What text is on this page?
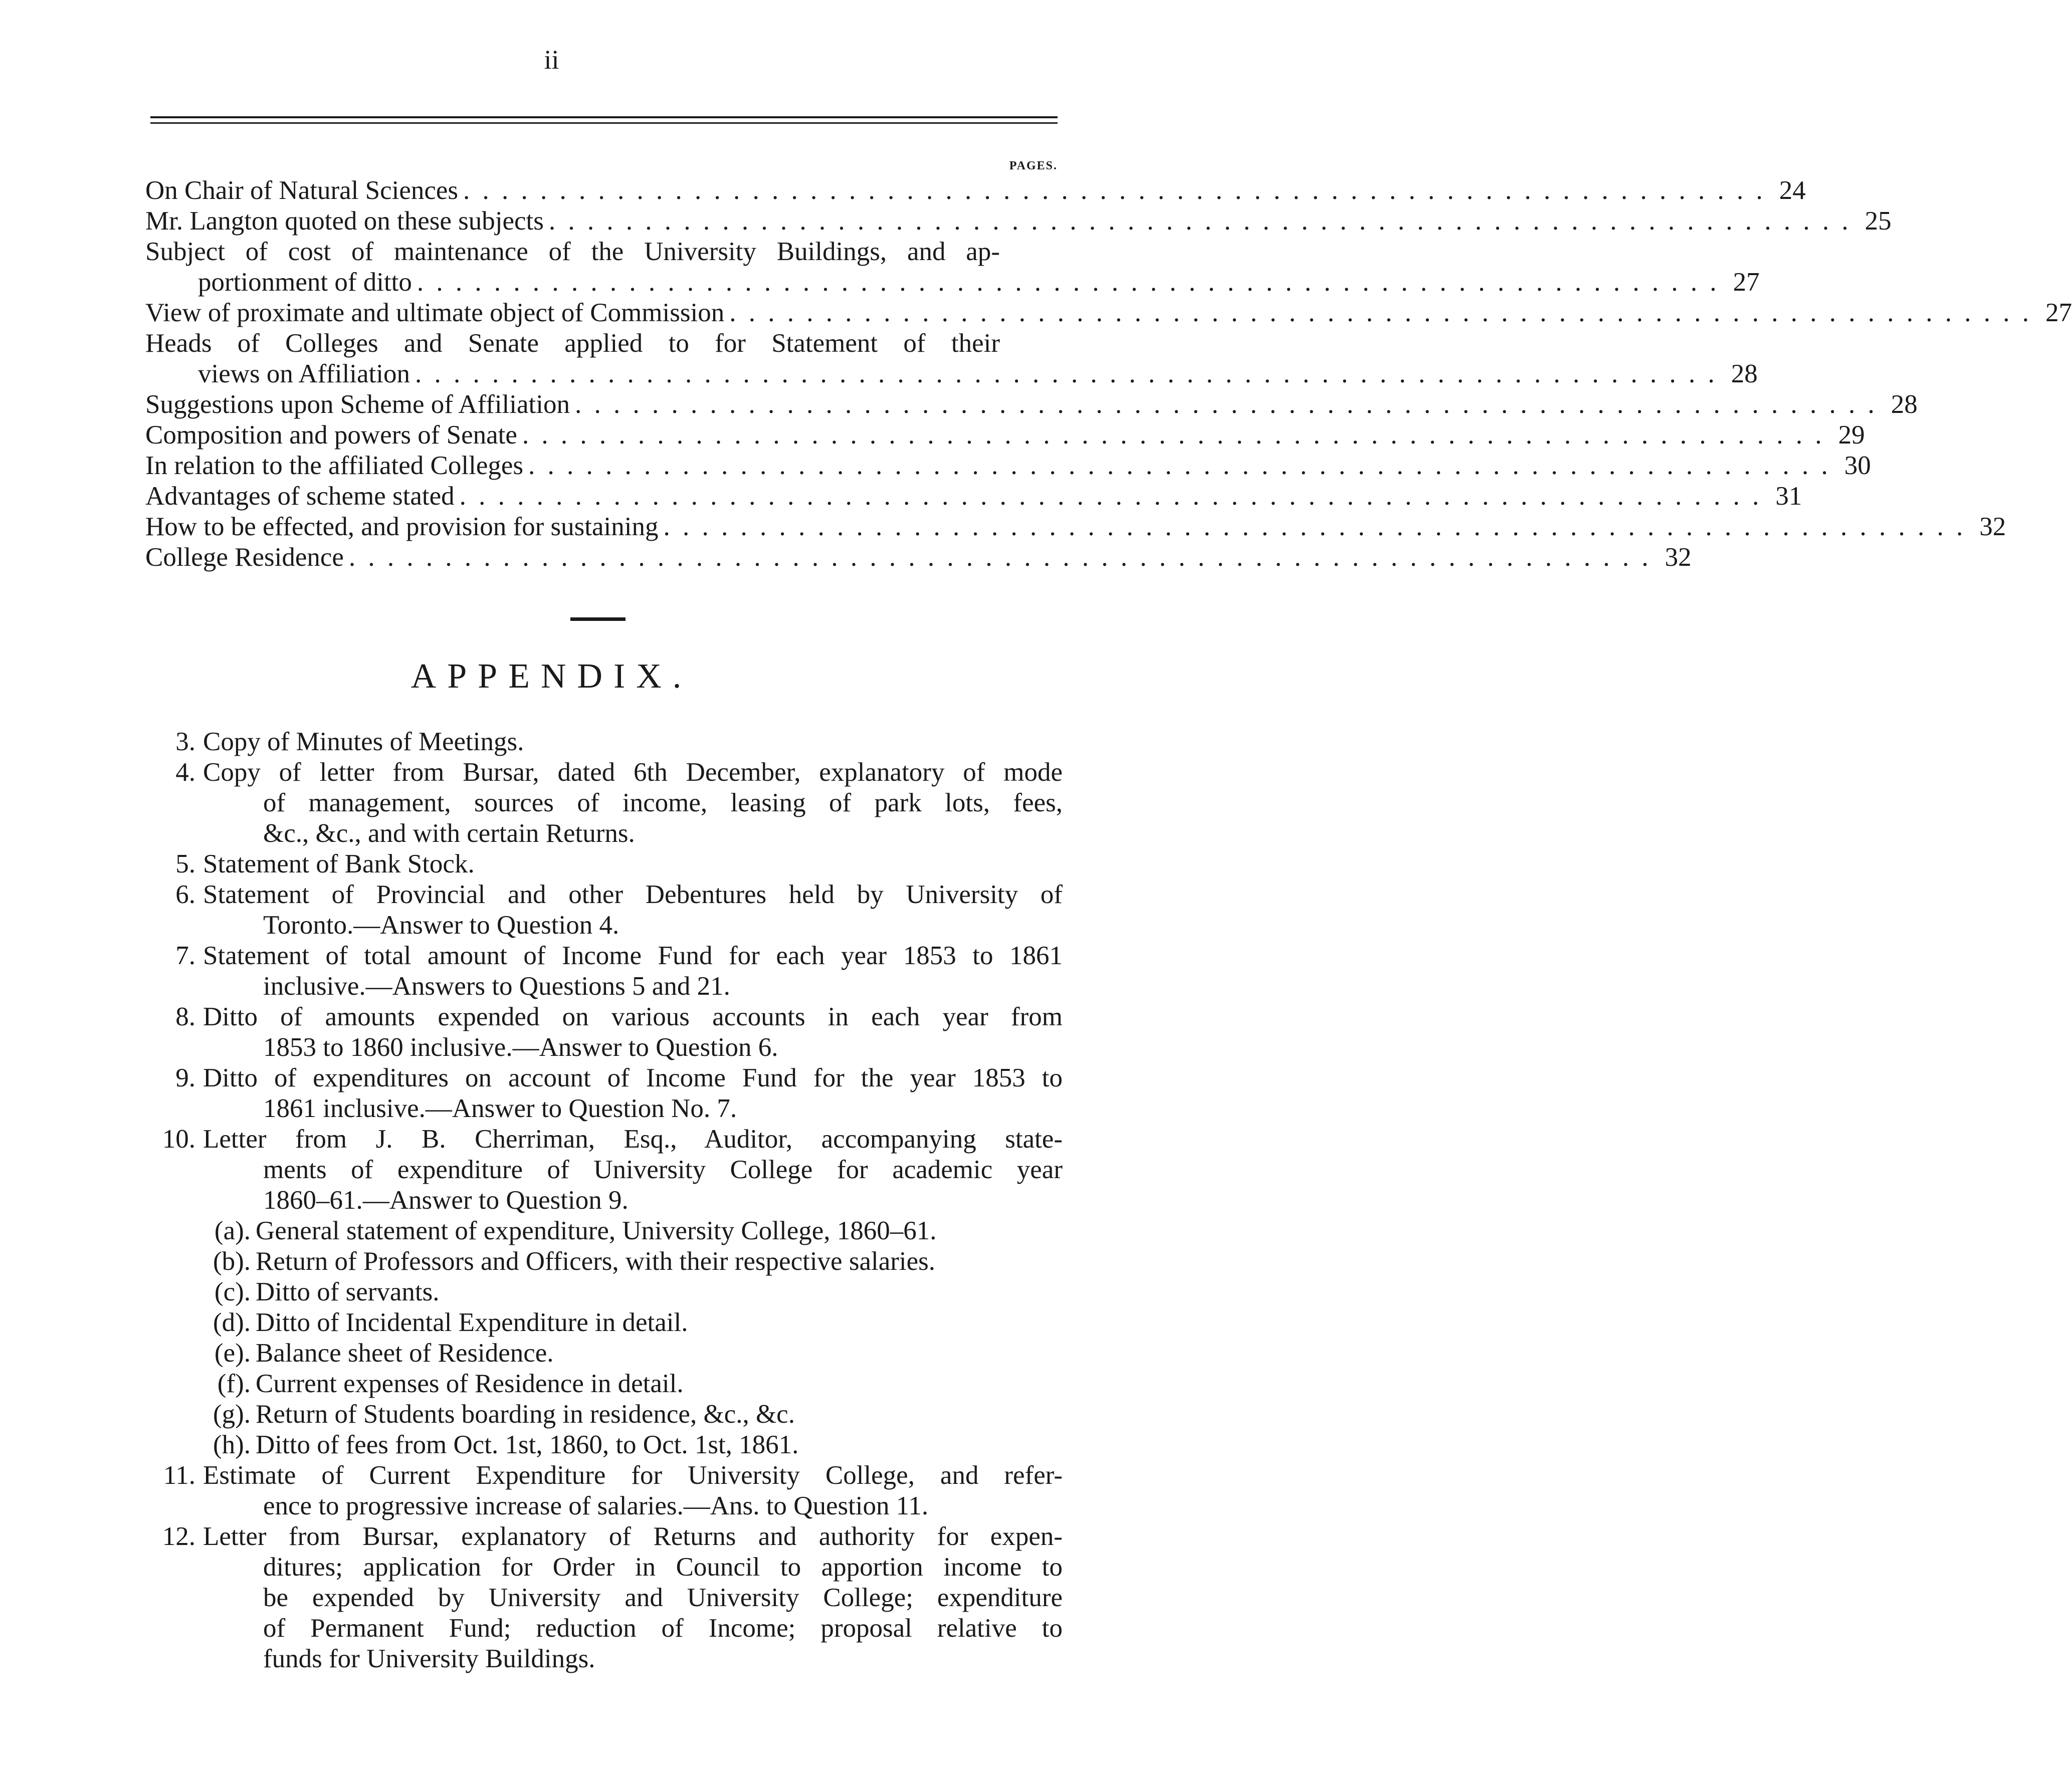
ii
PAGES.
On Chair of Natural Sciences . . . . . . . . . . . . . . . . . . . . . . . . . . . . . . . . . . . . . . . . . . . . . . . . . . . . . . . . . . . . . . . . . . . . 24
Mr. Langton quoted on these subjects . . . . . . . . . . . . . . . . . . . . . . . . . . . . . . . . . . . . . . . . . . . . . . . . . . . . . . . . . . . . . . . . . . . . 25
Subject of cost of maintenance of the University Buildings, and ap-
portionment of ditto . . . . . . . . . . . . . . . . . . . . . . . . . . . . . . . . . . . . . . . . . . . . . . . . . . . . . . . . . . . . . . . . . . . . 27
View of proximate and ultimate object of Commission . . . . . . . . . . . . . . . . . . . . . . . . . . . . . . . . . . . . . . . . . . . . . . . . . . . . . . . . . . . . . . . . . . . . 27
Heads of Colleges and Senate applied to for Statement of their
views on Affiliation . . . . . . . . . . . . . . . . . . . . . . . . . . . . . . . . . . . . . . . . . . . . . . . . . . . . . . . . . . . . . . . . . . . . 28
Suggestions upon Scheme of Affiliation . . . . . . . . . . . . . . . . . . . . . . . . . . . . . . . . . . . . . . . . . . . . . . . . . . . . . . . . . . . . . . . . . . . . 28
Composition and powers of Senate . . . . . . . . . . . . . . . . . . . . . . . . . . . . . . . . . . . . . . . . . . . . . . . . . . . . . . . . . . . . . . . . . . . . 29
In relation to the affiliated Colleges . . . . . . . . . . . . . . . . . . . . . . . . . . . . . . . . . . . . . . . . . . . . . . . . . . . . . . . . . . . . . . . . . . . . 30
Advantages of scheme stated . . . . . . . . . . . . . . . . . . . . . . . . . . . . . . . . . . . . . . . . . . . . . . . . . . . . . . . . . . . . . . . . . . . . 31
How to be effected, and provision for sustaining . . . . . . . . . . . . . . . . . . . . . . . . . . . . . . . . . . . . . . . . . . . . . . . . . . . . . . . . . . . . . . . . . . . . 32
College Residence . . . . . . . . . . . . . . . . . . . . . . . . . . . . . . . . . . . . . . . . . . . . . . . . . . . . . . . . . . . . . . . . . . . . 32
APPENDIX.
3. Copy of Minutes of Meetings.
4. Copy of letter from Bursar, dated 6th December, explanatory of mode
of management, sources of income, leasing of park lots, fees,
&c., &c., and with certain Returns.
5. Statement of Bank Stock.
6. Statement of Provincial and other Debentures held by University of
Toronto.—Answer to Question 4.
7. Statement of total amount of Income Fund for each year 1853 to 1861
inclusive.—Answers to Questions 5 and 21.
8. Ditto of amounts expended on various accounts in each year from
1853 to 1860 inclusive.—Answer to Question 6.
9. Ditto of expenditures on account of Income Fund for the year 1853 to
1861 inclusive.—Answer to Question No. 7.
10. Letter from J. B. Cherriman, Esq., Auditor, accompanying state-
ments of expenditure of University College for academic year
1860–61.—Answer to Question 9.
(a). General statement of expenditure, University College, 1860–61.
(b). Return of Professors and Officers, with their respective salaries.
(c). Ditto of servants.
(d). Ditto of Incidental Expenditure in detail.
(e). Balance sheet of Residence.
(f). Current expenses of Residence in detail.
(g). Return of Students boarding in residence, &c., &c.
(h). Ditto of fees from Oct. 1st, 1860, to Oct. 1st, 1861.
11. Estimate of Current Expenditure for University College, and refer-
ence to progressive increase of salaries.—Ans. to Question 11.
12. Letter from Bursar, explanatory of Returns and authority for expen-
ditures; application for Order in Council to apportion income to
be expended by University and University College; expenditure
of Permanent Fund; reduction of Income; proposal relative to
funds for University Buildings.
